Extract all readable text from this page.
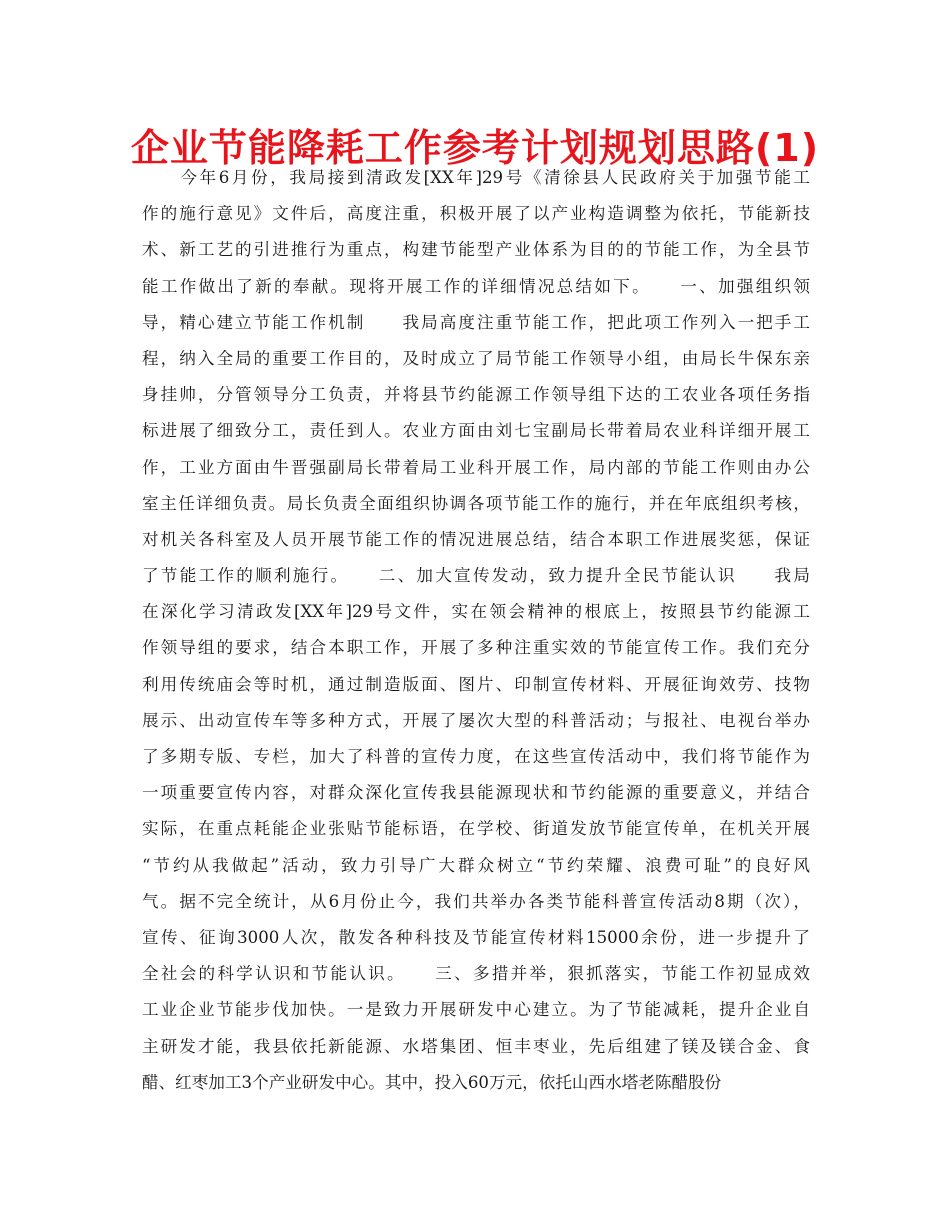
企业节能降耗工作参考计划规划思路(1)
　　今年6月份，我局接到清政发[XX年]29号《清徐县人民政府关于加强节能工
作的施行意见》文件后，高度注重，积极开展了以产业构造调整为依托，节能新技
术、新工艺的引进推行为重点，构建节能型产业体系为目的的节能工作，为全县节
能工作做出了新的奉献。现将开展工作的详细情况总结如下。　　一、加强组织领
导，精心建立节能工作机制　　我局高度注重节能工作，把此项工作列入一把手工
程，纳入全局的重要工作目的，及时成立了局节能工作领导小组，由局长牛保东亲
身挂帅，分管领导分工负责，并将县节约能源工作领导组下达的工农业各项任务指
标进展了细致分工，责任到人。农业方面由刘七宝副局长带着局农业科详细开展工
作，工业方面由牛晋强副局长带着局工业科开展工作，局内部的节能工作则由办公
室主任详细负责。局长负责全面组织协调各项节能工作的施行，并在年底组织考核，
对机关各科室及人员开展节能工作的情况进展总结，结合本职工作进展奖惩，保证
了节能工作的顺利施行。　　二、加大宣传发动，致力提升全民节能认识　　我局
在深化学习清政发[XX年]29号文件，实在领会精神的根底上，按照县节约能源工
作领导组的要求，结合本职工作，开展了多种注重实效的节能宣传工作。我们充分
利用传统庙会等时机，通过制造版面、图片、印制宣传材料、开展征询效劳、技物
展示、出动宣传车等多种方式，开展了屡次大型的科普活动；与报社、电视台举办
了多期专版、专栏，加大了科普的宣传力度，在这些宣传活动中，我们将节能作为
一项重要宣传内容，对群众深化宣传我县能源现状和节约能源的重要意义，并结合
实际，在重点耗能企业张贴节能标语，在学校、街道发放节能宣传单，在机关开展
“节约从我做起”活动，致力引导广大群众树立“节约荣耀、浪费可耻”的良好风
气。据不完全统计，从6月份止今，我们共举办各类节能科普宣传活动8期（次），
宣传、征询3000人次，散发各种科技及节能宣传材料15000余份，进一步提升了
全社会的科学认识和节能认识。　　三、多措并举，狠抓落实，节能工作初显成效
工业企业节能步伐加快。一是致力开展研发中心建立。为了节能减耗，提升企业自
主研发才能，我县依托新能源、水塔集团、恒丰枣业，先后组建了镁及镁合金、食
醋、红枣加工3个产业研发中心。其中，投入60万元，依托山西水塔老陈醋股份
